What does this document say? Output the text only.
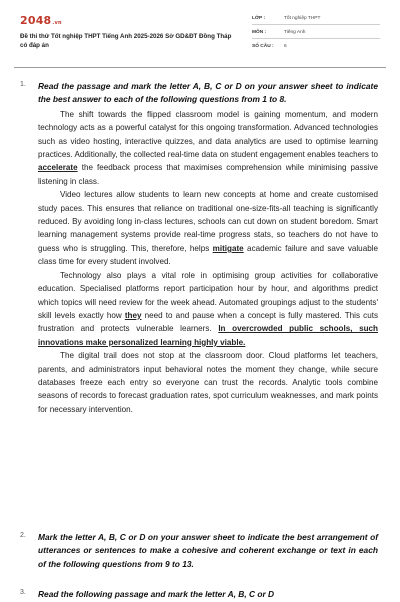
2048.vn
Đề thi thử Tốt nghiệp THPT Tiếng Anh 2025-2026 Sở GD&ĐT Đồng Tháp có đáp án
LỚP :	Tốt nghiệp THPT
MÔN :	Tiếng Anh
SỐ CÂU : 6
1. Read the passage and mark the letter A, B, C or D on your answer sheet to indicate the best answer to each of the following questions from 1 to 8.

The shift towards the flipped classroom model is gaining momentum, and modern technology acts as a powerful catalyst for this ongoing transformation. Advanced technologies such as video hosting, interactive quizzes, and data analytics are used to optimise learning practices. Additionally, the collected real-time data on student engagement enables teachers to accelerate the feedback process that maximises comprehension while minimising passive listening in class.

Video lectures allow students to learn new concepts at home and create customised study paces. This ensures that reliance on traditional one-size-fits-all teaching is significantly reduced. By avoiding long in-class lectures, schools can cut down on student boredom. Smart learning management systems provide real-time progress stats, so teachers do not have to guess who is struggling. This, therefore, helps mitigate academic failure and save valuable class time for every student involved.

Technology also plays a vital role in optimising group activities for collaborative education. Specialised platforms report participation hour by hour, and algorithms predict which topics will need review for the week ahead. Automated groupings adjust to the students' skill levels exactly how they need to and pause when a concept is fully mastered. This cuts frustration and protects vulnerable learners. In overcrowded public schools, such innovations make personalized learning highly viable.

The digital trail does not stop at the classroom door. Cloud platforms let teachers, parents, and administrators input behavioral notes the moment they change, while secure databases freeze each entry so everyone can trust the records. Analytic tools combine seasons of records to forecast graduation rates, spot curriculum weaknesses, and mark points for necessary intervention.

2. Mark the letter A, B, C or D on your answer sheet to indicate the best arrangement of utterances or sentences to make a cohesive and coherent exchange or text in each of the following questions from 9 to 13.

3. Read the following passage and mark the letter A, B, C or D
